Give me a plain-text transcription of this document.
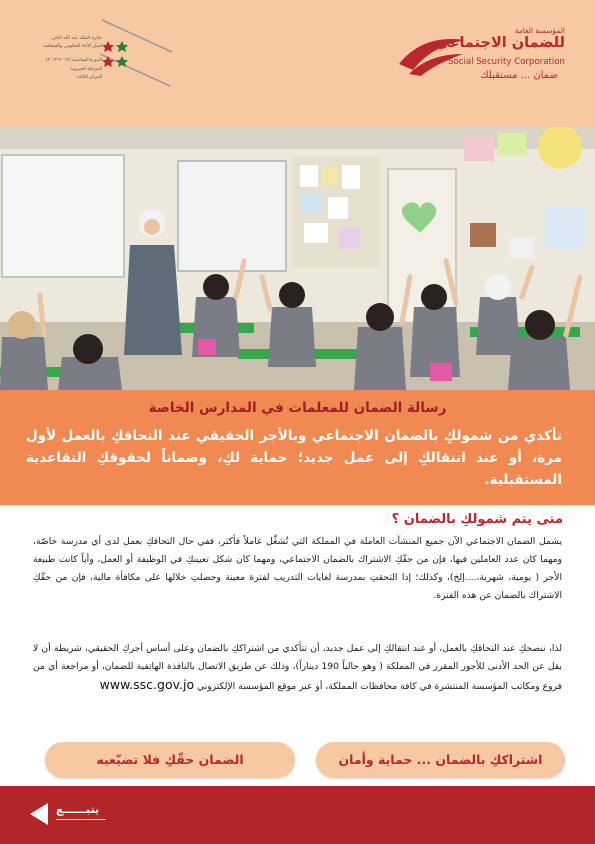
المؤسسة العامة
للضمان الاجتماعي
Social Security Corporation
ضمان ... مستقبلك
جائزة الملك عبد الله الثاني
لتميّز الأداء الحكومي والشفافية
الدورة السادسة (٢٠١٢-٢٠١٣)
المرحلة الحيزوية
المركز الثالث
رسالة الضمان للمعلمات في المدارس الخاصة
تأكدي من شمولكِ بالضمان الاجتماعي وبالأجر الحقيقي عند التحاقكِ بالعمل لأول مرة، أو عند انتقالكِ إلى عمل جديد؛ حماية لكِ، وضماناً لحقوقكِ التقاعدية المستقبلية.
متى يتم شمولكِ بالضمان ؟
يشمل الضمان الاجتماعي الآن جميع المنشآت العاملة في المملكة التي تُشغِّل عاملاً فأكثر، ففي حال التحاقكِ بعمل لدى أي مدرسة خاصّة، ومهما كان عدد العاملين فيها، فإن من حقّكِ الاشتراك بالضمان الاجتماعي، ومهما كان شكل تعيينكِ في الوظيفة أو العمل، وأياً كانت طبيعة الأجر ( يومية، شهرية،....إلخ)، وكذلك؛ إذا التحقتِ بمدرسة لغايات التدريب لفترة معينة وحصلتِ خلالها على مكافأة مالية، فإن من حقّكِ الاشتراك بالضمان عن هذه الفترة.
لذا، ننصحكِ عند التحاقكِ بالعمل، أو عند انتقالكِ إلى عمل جديد، أن تتأكدي من اشتراككِ بالضمان وعلى أساس أجركِ الحقيقي، شريطة أن لا يقل عن الحد الأدنى للأجور المقرر في المملكة ( وهو حالياً 190 ديناراً)، وذلك عن طريق الاتصال بالنافذة الهاتفية للضمان، أو مراجعة أي من فروع ومكاتب المؤسسة المنتشرة في كافة محافظات المملكة، أو عبر موقع المؤسسة الإلكتروني www.ssc.gov.jo
اشتراككِ بالضمان ... حماية وأمان
الضمان حقّكِ فلا تضيّعيه
يتبــــــع
